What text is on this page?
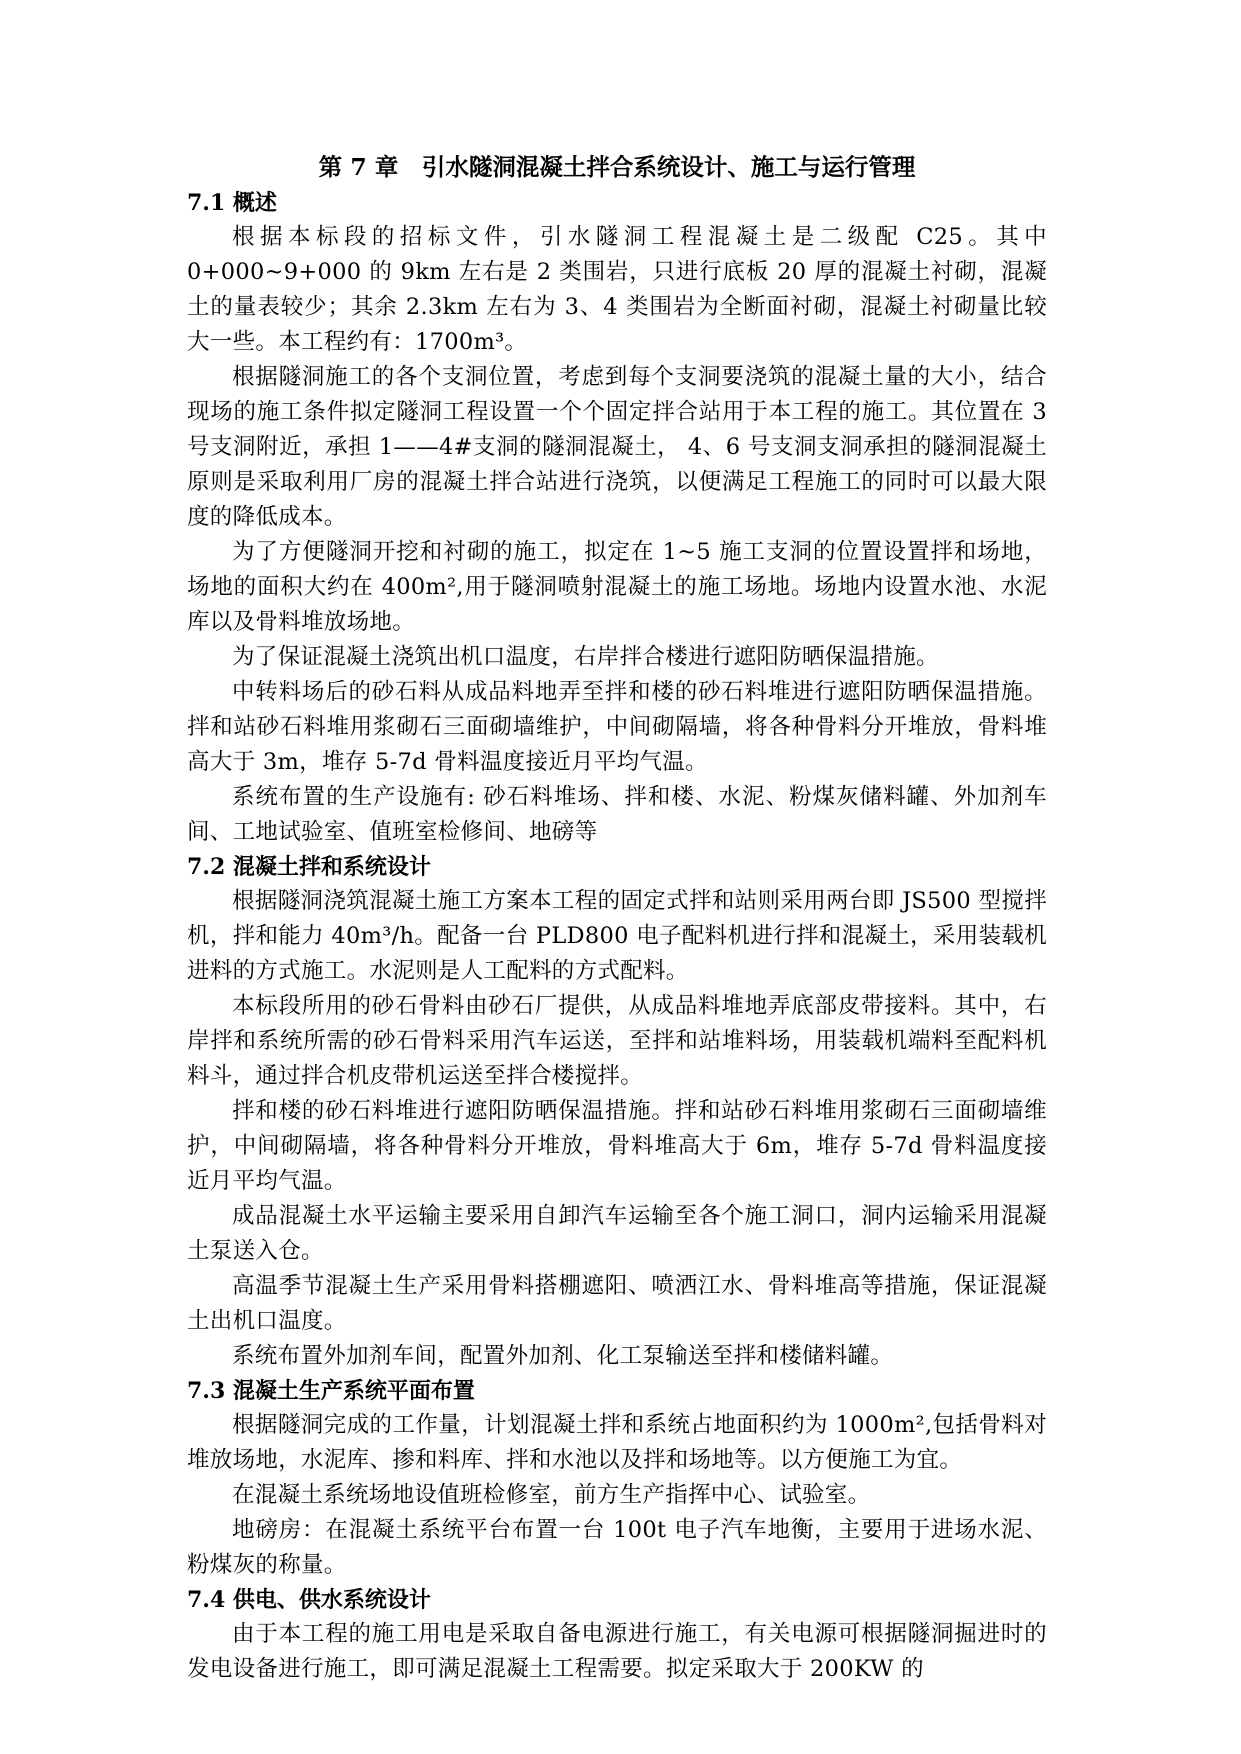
第 7 章　引水隧洞混凝土拌合系统设计、施工与运行管理
7.1 概述

根据本标段的招标文件，引水隧洞工程混凝土是二级配 C25。其中 0+000~9+000 的 9km 左右是 2 类围岩，只进行底板 20 厚的混凝土衬砌，混凝土的量表较少；其余 2.3km 左右为 3、4 类围岩为全断面衬砌，混凝土衬砌量比较大一些。本工程约有：1700m³。

根据隧洞施工的各个支洞位置，考虑到每个支洞要浇筑的混凝土量的大小，结合现场的施工条件拟定隧洞工程设置一个个固定拌合站用于本工程的施工。其位置在 3 号支洞附近，承担 1——4#支洞的隧洞混凝土， 4、6 号支洞支洞承担的隧洞混凝土原则是采取利用厂房的混凝土拌合站进行浇筑，以便满足工程施工的同时可以最大限度的降低成本。

为了方便隧洞开挖和衬砌的施工，拟定在 1~5 施工支洞的位置设置拌和场地，场地的面积大约在 400m²,用于隧洞喷射混凝土的施工场地。场地内设置水池、水泥库以及骨料堆放场地。

为了保证混凝土浇筑出机口温度，右岸拌合楼进行遮阳防晒保温措施。

中转料场后的砂石料从成品料地弄至拌和楼的砂石料堆进行遮阳防晒保温措施。拌和站砂石料堆用浆砌石三面砌墙维护，中间砌隔墙，将各种骨料分开堆放，骨料堆高大于 3m，堆存 5-7d 骨料温度接近月平均气温。

系统布置的生产设施有: 砂石料堆场、拌和楼、水泥、粉煤灰储料罐、外加剂车间、工地试验室、值班室检修间、地磅等

7.2 混凝土拌和系统设计

根据隧洞浇筑混凝土施工方案本工程的固定式拌和站则采用两台即 JS500 型搅拌机，拌和能力 40m³/h。配备一台 PLD800 电子配料机进行拌和混凝土，采用装载机进料的方式施工。水泥则是人工配料的方式配料。

本标段所用的砂石骨料由砂石厂提供，从成品料堆地弄底部皮带接料。其中，右岸拌和系统所需的砂石骨料采用汽车运送，至拌和站堆料场，用装载机端料至配料机料斗，通过拌合机皮带机运送至拌合楼搅拌。

拌和楼的砂石料堆进行遮阳防晒保温措施。拌和站砂石料堆用浆砌石三面砌墙维护，中间砌隔墙，将各种骨料分开堆放，骨料堆高大于 6m，堆存 5-7d 骨料温度接近月平均气温。

成品混凝土水平运输主要采用自卸汽车运输至各个施工洞口，洞内运输采用混凝土泵送入仓。

高温季节混凝土生产采用骨料搭棚遮阳、喷洒江水、骨料堆高等措施，保证混凝土出机口温度。

系统布置外加剂车间，配置外加剂、化工泵输送至拌和楼储料罐。

7.3 混凝土生产系统平面布置

根据隧洞完成的工作量，计划混凝土拌和系统占地面积约为 1000m²,包括骨料对堆放场地，水泥库、掺和料库、拌和水池以及拌和场地等。以方便施工为宜。

在混凝土系统场地设值班检修室，前方生产指挥中心、试验室。

地磅房：在混凝土系统平台布置一台 100t 电子汽车地衡，主要用于进场水泥、粉煤灰的称量。

7.4 供电、供水系统设计

由于本工程的施工用电是采取自备电源进行施工，有关电源可根据隧洞掘进时的发电设备进行施工，即可满足混凝土工程需要。拟定采取大于 200KW 的
